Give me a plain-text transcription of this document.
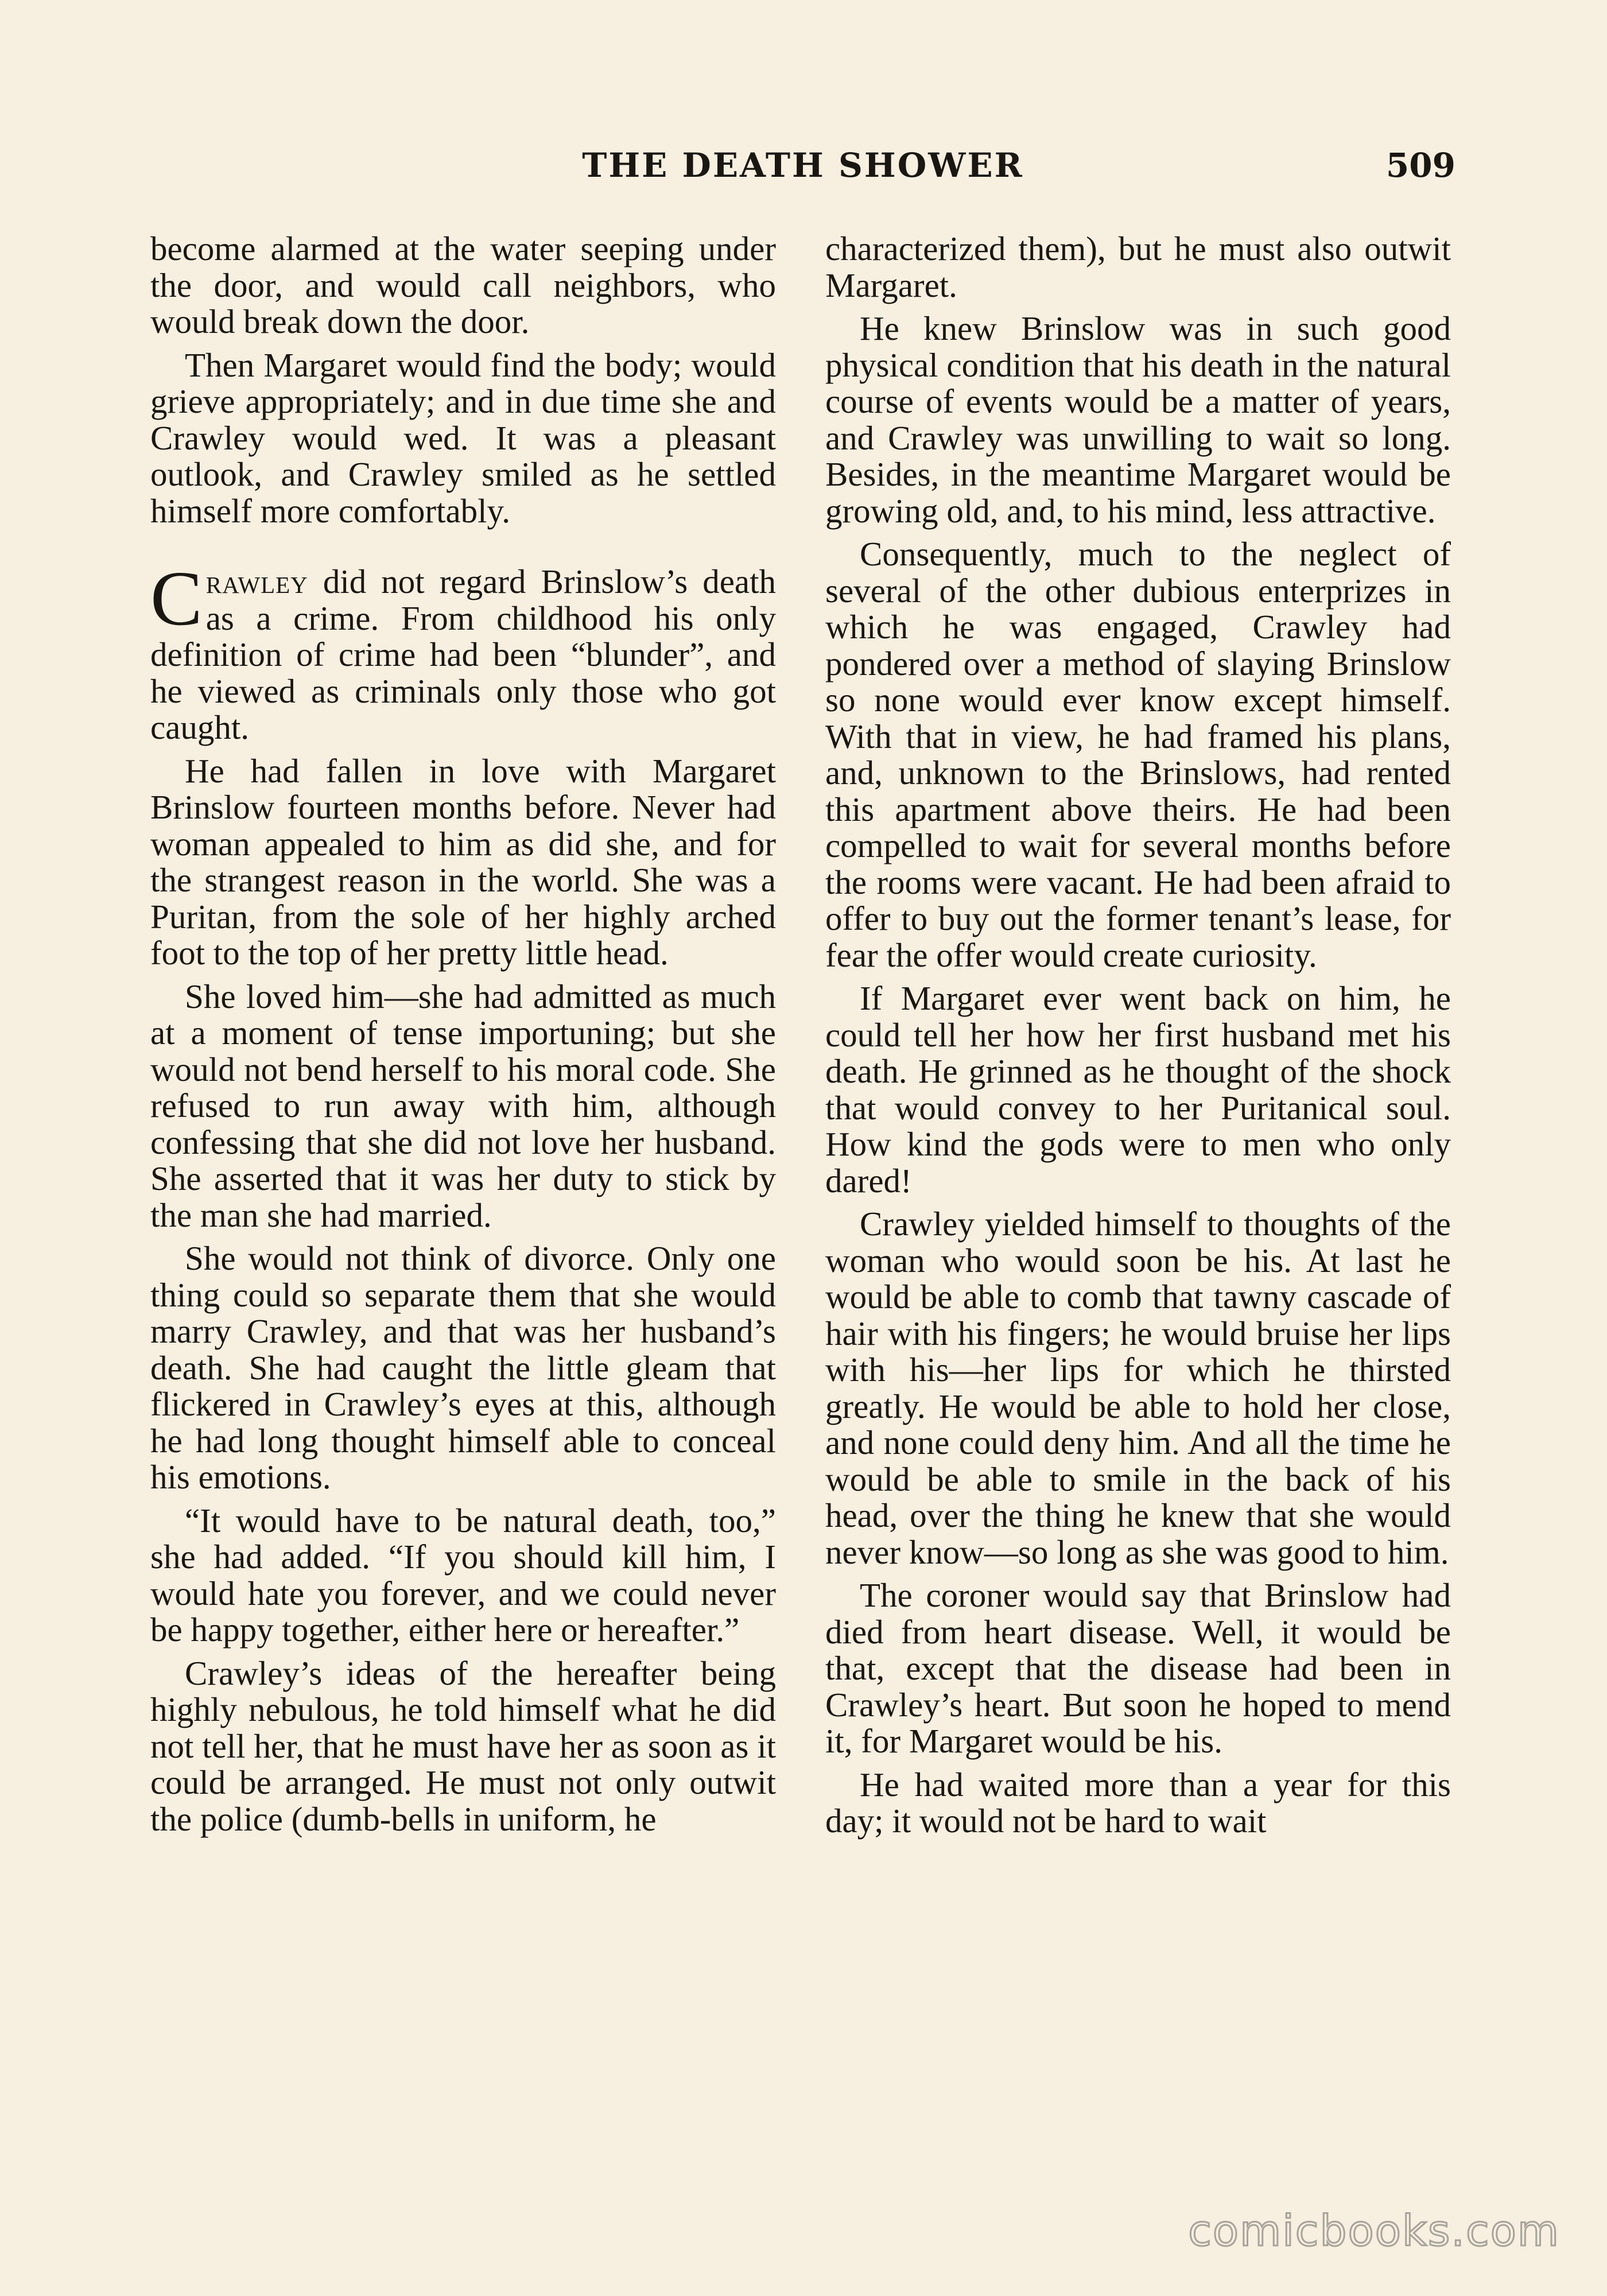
THE DEATH SHOWER	509

become alarmed at the water seeping under the door, and would call neighbors, who would break down the door.

Then Margaret would find the body; would grieve appropriately; and in due time she and Crawley would wed. It was a pleasant outlook, and Crawley smiled as he settled himself more comfortably.

Crawley did not regard Brinslow’s death as a crime. From childhood his only definition of crime had been “blunder”, and he viewed as criminals only those who got caught.

He had fallen in love with Margaret Brinslow fourteen months before. Never had woman appealed to him as did she, and for the strangest reason in the world. She was a Puritan, from the sole of her highly arched foot to the top of her pretty little head.

She loved him—she had admitted as much at a moment of tense importuning; but she would not bend herself to his moral code. She refused to run away with him, although confessing that she did not love her husband. She asserted that it was her duty to stick by the man she had married.

She would not think of divorce. Only one thing could so separate them that she would marry Crawley, and that was her husband’s death. She had caught the little gleam that flickered in Crawley’s eyes at this, although he had long thought himself able to conceal his emotions.

“It would have to be natural death, too,” she had added. “If you should kill him, I would hate you forever, and we could never be happy together, either here or hereafter.”

Crawley’s ideas of the hereafter being highly nebulous, he told himself what he did not tell her, that he must have her as soon as it could be arranged. He must not only outwit the police (dumb-bells in uniform, he

characterized them), but he must also outwit Margaret.

He knew Brinslow was in such good physical condition that his death in the natural course of events would be a matter of years, and Crawley was unwilling to wait so long. Besides, in the meantime Margaret would be growing old, and, to his mind, less attractive.

Consequently, much to the neglect of several of the other dubious enterprizes in which he was engaged, Crawley had pondered over a method of slaying Brinslow so none would ever know except himself. With that in view, he had framed his plans, and, unknown to the Brinslows, had rented this apartment above theirs. He had been compelled to wait for several months before the rooms were vacant. He had been afraid to offer to buy out the former tenant’s lease, for fear the offer would create curiosity.

If Margaret ever went back on him, he could tell her how her first husband met his death. He grinned as he thought of the shock that would convey to her Puritanical soul. How kind the gods were to men who only dared!

Crawley yielded himself to thoughts of the woman who would soon be his. At last he would be able to comb that tawny cascade of hair with his fingers; he would bruise her lips with his—her lips for which he thirsted greatly. He would be able to hold her close, and none could deny him. And all the time he would be able to smile in the back of his head, over the thing he knew that she would never know—so long as she was good to him.

The coroner would say that Brinslow had died from heart disease. Well, it would be that, except that the disease had been in Crawley’s heart. But soon he hoped to mend it, for Margaret would be his.

He had waited more than a year for this day; it would not be hard to wait

comicbooks.com
